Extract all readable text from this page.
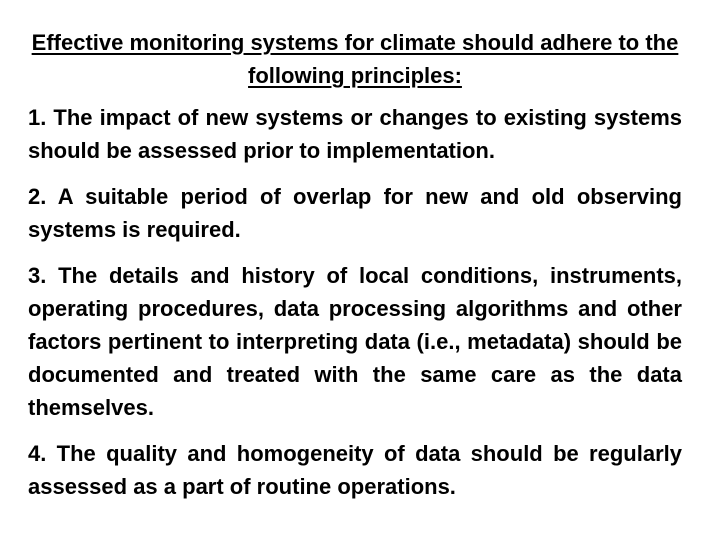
Effective monitoring systems for climate should adhere to the following principles:

1. The impact of new systems or changes to existing systems should be assessed prior to implementation.

2. A suitable period of overlap for new and old observing systems is required.

3. The details and history of local conditions, instruments, operating procedures, data processing algorithms and other factors pertinent to interpreting data (i.e., metadata) should be documented and treated with the same care as the data themselves.

4. The quality and homogeneity of data should be regularly assessed as a part of routine operations.
